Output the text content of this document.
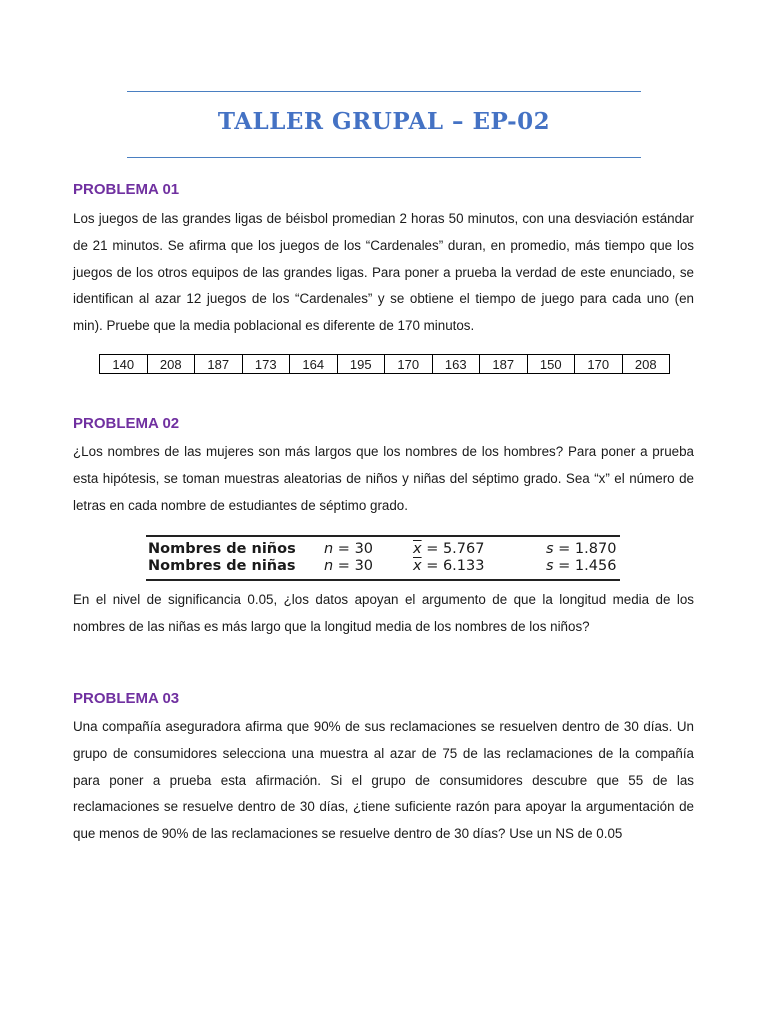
TALLER GRUPAL – EP-02
PROBLEMA 01
Los juegos de las grandes ligas de béisbol promedian 2 horas 50 minutos, con una desviación estándar de 21 minutos. Se afirma que los juegos de los “Cardenales” duran, en promedio, más tiempo que los juegos de los otros equipos de las grandes ligas. Para poner a prueba la verdad de este enunciado, se identifican al azar 12 juegos de los “Cardenales” y se obtiene el tiempo de juego para cada uno (en min). Pruebe que la media poblacional es diferente de 170 minutos.
140	208	187	173	164	195	170	163	187	150	170	208
PROBLEMA 02
¿Los nombres de las mujeres son más largos que los nombres de los hombres? Para poner a prueba esta hipótesis, se toman muestras aleatorias de niños y niñas del séptimo grado. Sea “x” el número de letras en cada nombre de estudiantes de séptimo grado.
Nombres de niños n = 30	$\overline{x} = 5.767$	s = 1.870
Nombres de niñas n = 30	$\overline{x} = 6.133$	s = 1.456
En el nivel de significancia 0.05, ¿los datos apoyan el argumento de que la longitud media de los nombres de las niñas es más largo que la longitud media de los nombres de los niños?
PROBLEMA 03
Una compañía aseguradora afirma que 90% de sus reclamaciones se resuelven dentro de 30 días. Un grupo de consumidores selecciona una muestra al azar de 75 de las reclamaciones de la compañía para poner a prueba esta afirmación. Si el grupo de consumidores descubre que 55 de las reclamaciones se resuelve dentro de 30 días, ¿tiene suficiente razón para apoyar la argumentación de que menos de 90% de las reclamaciones se resuelve dentro de 30 días? Use un NS de 0.05
